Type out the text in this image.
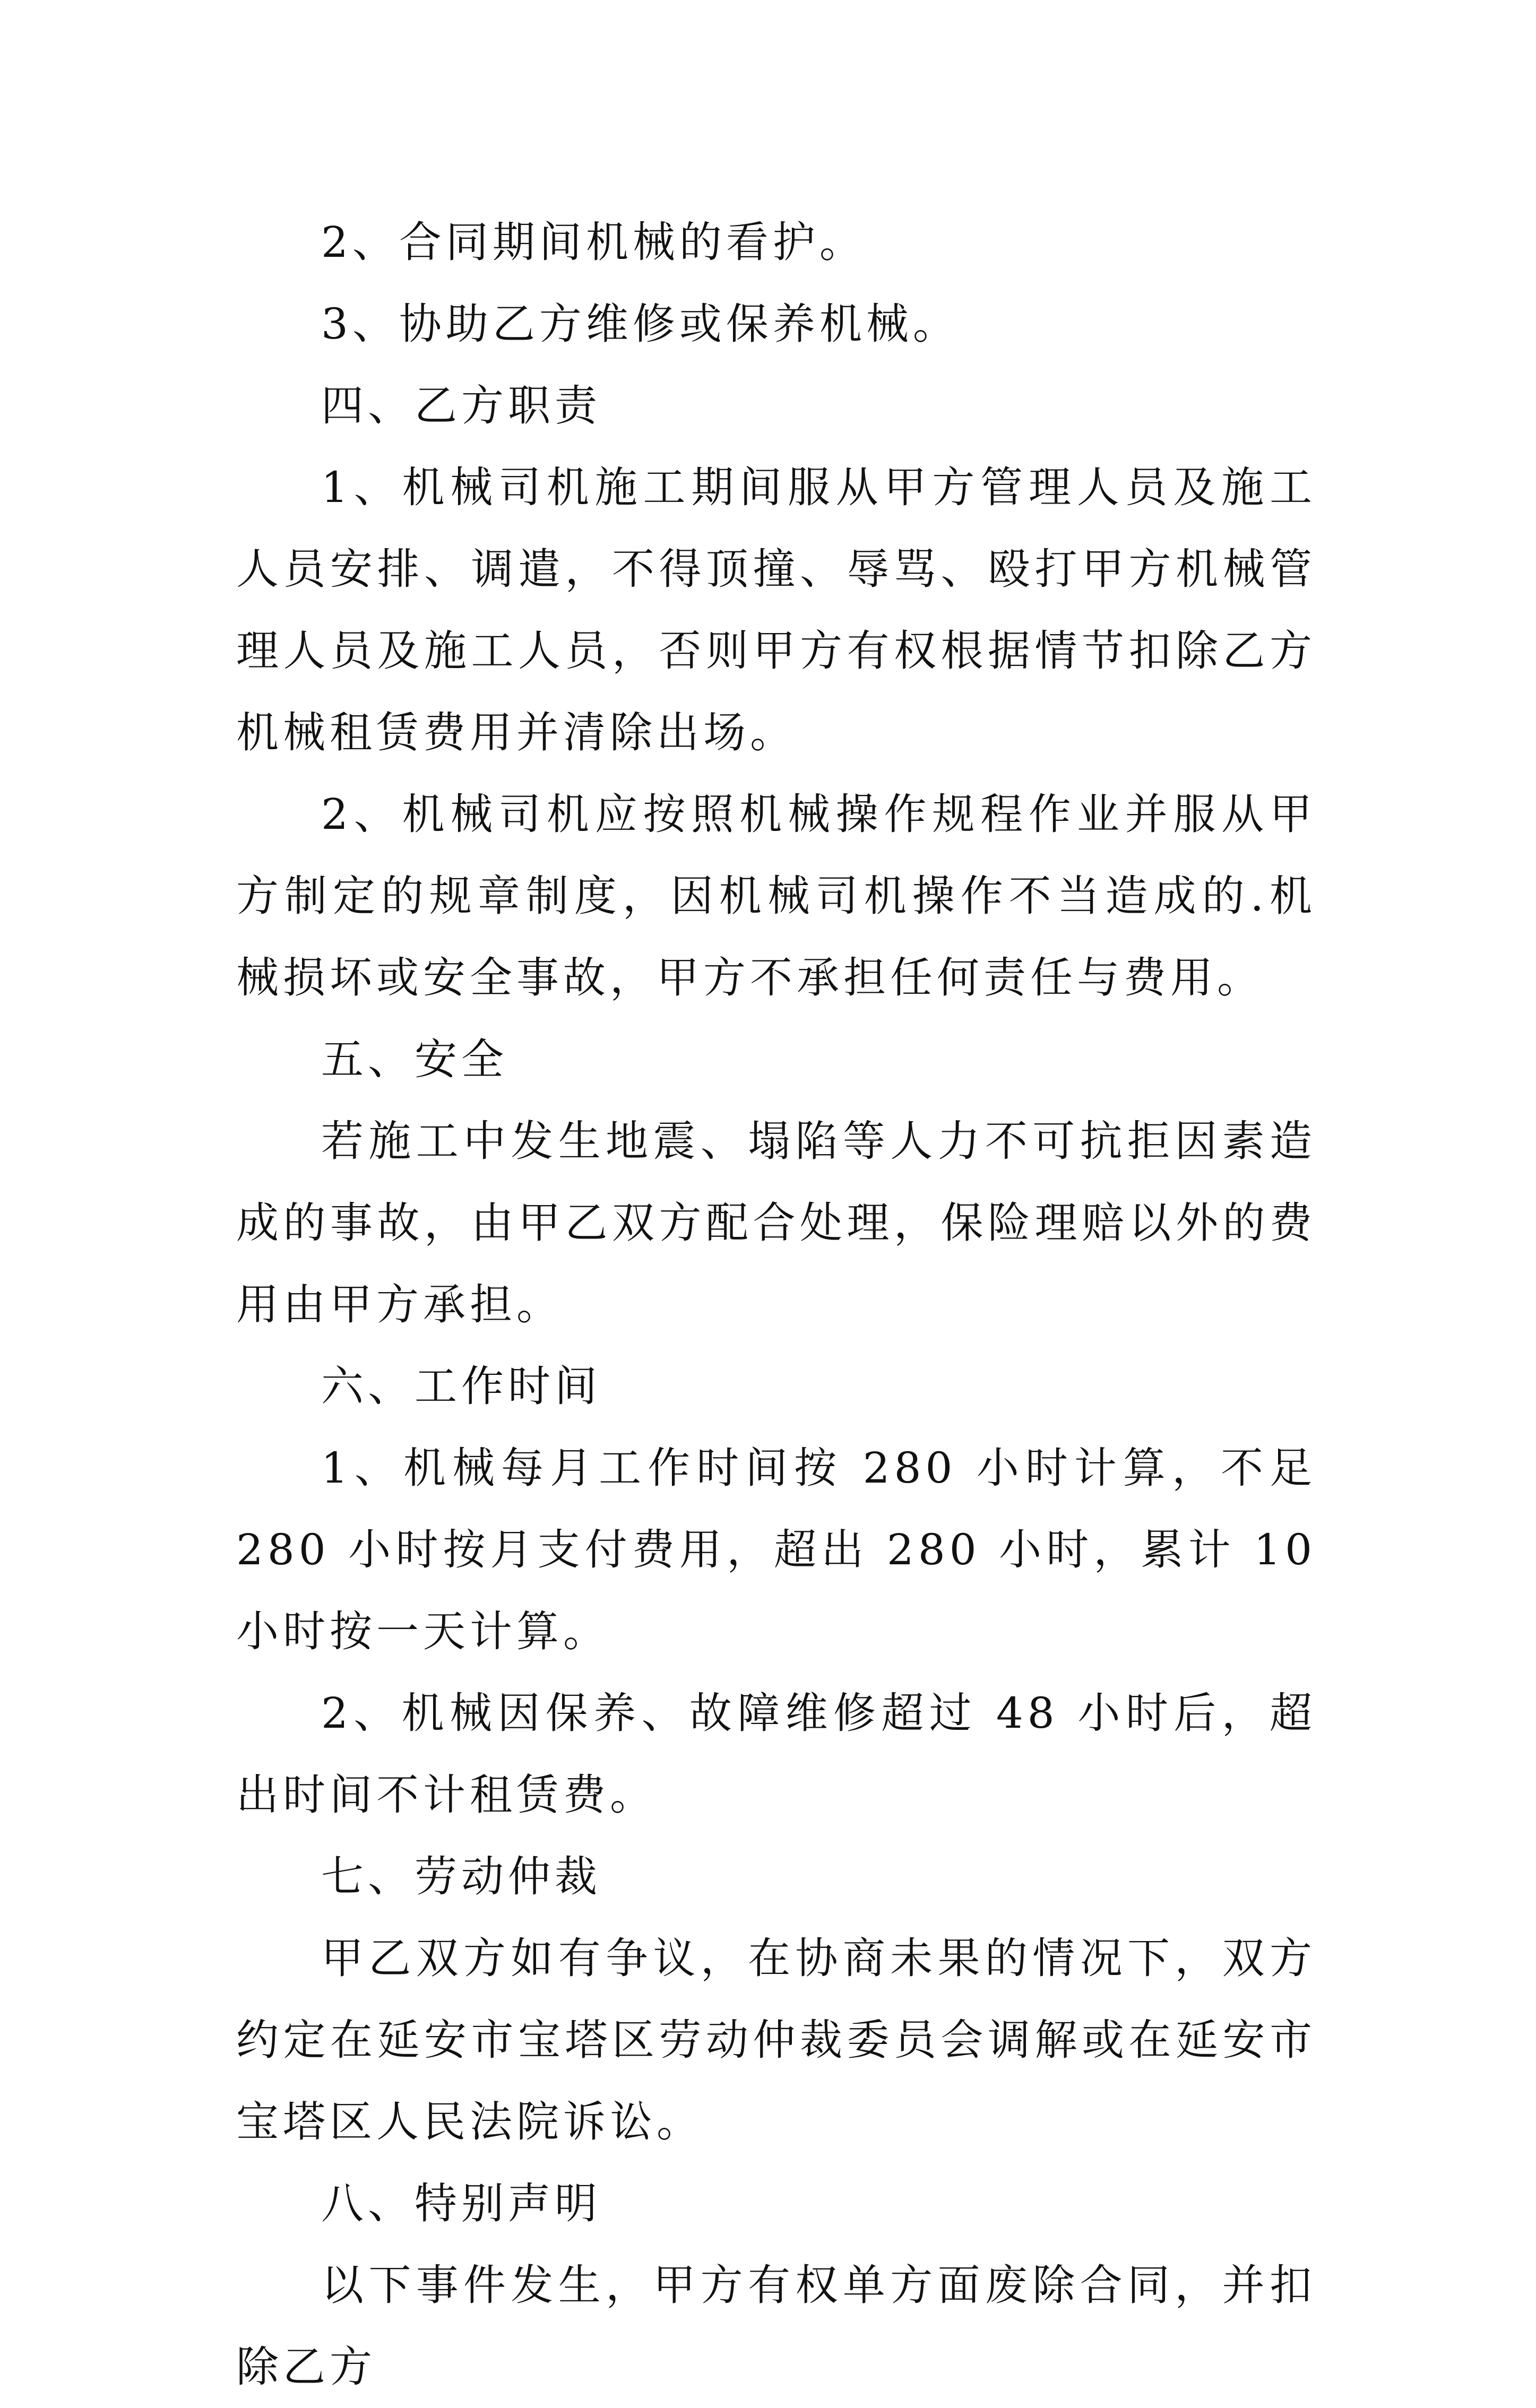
2、合同期间机械的看护。

3、协助乙方维修或保养机械。

四、乙方职责

1、机械司机施工期间服从甲方管理人员及施工人员安排、调遣，不得顶撞、辱骂、殴打甲方机械管理人员及施工人员，否则甲方有权根据情节扣除乙方机械租赁费用并清除出场。

2、机械司机应按照机械操作规程作业并服从甲方制定的规章制度，因机械司机操作不当造成的.机械损坏或安全事故，甲方不承担任何责任与费用。

五、安全

若施工中发生地震、塌陷等人力不可抗拒因素造成的事故，由甲乙双方配合处理，保险理赔以外的费用由甲方承担。

六、工作时间

1、机械每月工作时间按 280 小时计算，不足 280 小时按月支付费用，超出 280 小时，累计 10 小时按一天计算。

2、机械因保养、故障维修超过 48 小时后，超出时间不计租赁费。

七、劳动仲裁

甲乙双方如有争议，在协商未果的情况下，双方约定在延安市宝塔区劳动仲裁委员会调解或在延安市宝塔区人民法院诉讼。

八、特别声明

以下事件发生，甲方有权单方面废除合同，并扣除乙方
